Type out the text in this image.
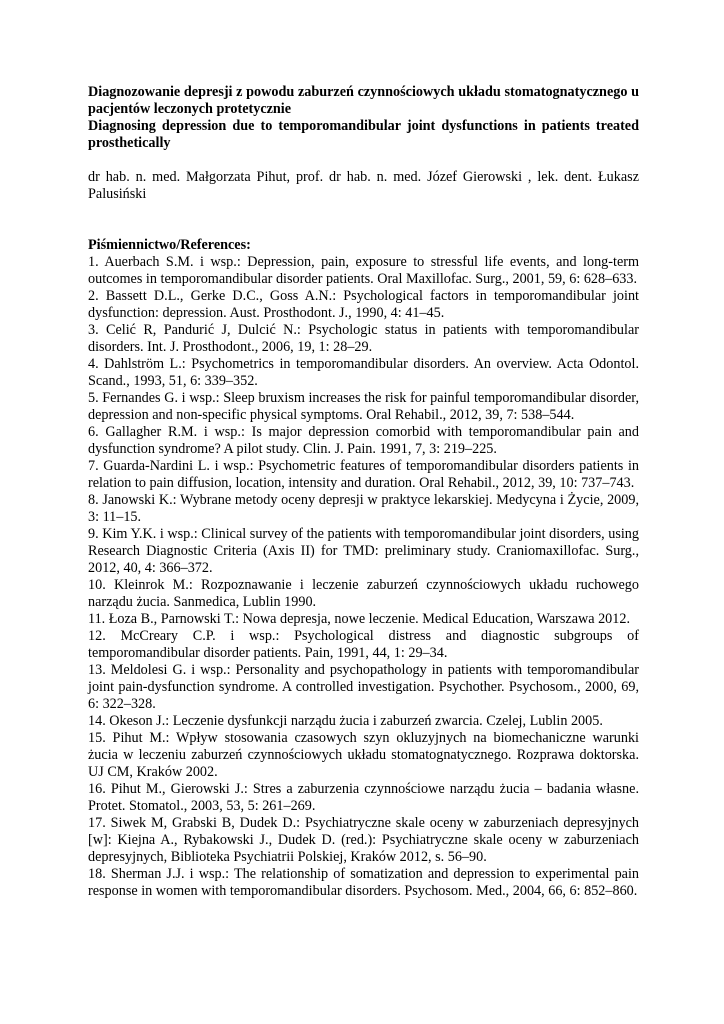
Diagnozowanie depresji z powodu zaburzeń czynnościowych układu stomatognatycznego u pacjentów leczonych protetycznie

Diagnosing depression due to temporomandibular joint dysfunctions in patients treated prosthetically

dr hab. n. med. Małgorzata Pihut, prof. dr hab. n. med. Józef Gierowski , lek. dent. Łukasz Palusiński

Piśmiennictwo/References:

1. Auerbach S.M. i wsp.: Depression, pain, exposure to stressful life events, and long-term outcomes in temporomandibular disorder patients. Oral Maxillofac. Surg., 2001, 59, 6: 628–633.

2. Bassett D.L., Gerke D.C., Goss A.N.: Psychological factors in temporomandibular joint dysfunction: depression. Aust. Prosthodont. J., 1990, 4: 41–45.

3. Celić R, Pandurić J, Dulcić N.: Psychologic status in patients with temporomandibular disorders. Int. J. Prosthodont., 2006, 19, 1: 28–29.

4. Dahlström L.: Psychometrics in temporomandibular disorders. An overview. Acta Odontol. Scand., 1993, 51, 6: 339–352.

5. Fernandes G. i wsp.: Sleep bruxism increases the risk for painful temporomandibular disorder, depression and non-specific physical symptoms. Oral Rehabil., 2012, 39, 7: 538–544.

6. Gallagher R.M. i wsp.: Is major depression comorbid with temporomandibular pain and dysfunction syndrome? A pilot study. Clin. J. Pain. 1991, 7, 3: 219–225.

7. Guarda-Nardini L. i wsp.: Psychometric features of temporomandibular disorders patients in relation to pain diffusion, location, intensity and duration. Oral Rehabil., 2012, 39, 10: 737–743.

8. Janowski K.: Wybrane metody oceny depresji w praktyce lekarskiej. Medycyna i Życie, 2009, 3: 11–15.

9. Kim Y.K. i wsp.: Clinical survey of the patients with temporomandibular joint disorders, using Research Diagnostic Criteria (Axis II) for TMD: preliminary study. Craniomaxillofac. Surg., 2012, 40, 4: 366–372.

10. Kleinrok M.: Rozpoznawanie i leczenie zaburzeń czynnościowych układu ruchowego narządu żucia. Sanmedica, Lublin 1990.

11. Łoza B., Parnowski T.: Nowa depresja, nowe leczenie. Medical Education, Warszawa 2012.

12. McCreary C.P. i wsp.: Psychological distress and diagnostic subgroups of temporomandibular disorder patients. Pain, 1991, 44, 1: 29–34.

13. Meldolesi G. i wsp.: Personality and psychopathology in patients with temporomandibular joint pain-dysfunction syndrome. A controlled investigation. Psychother. Psychosom., 2000, 69, 6: 322–328.

14. Okeson J.: Leczenie dysfunkcji narządu żucia i zaburzeń zwarcia. Czelej, Lublin 2005.

15. Pihut M.: Wpływ stosowania czasowych szyn okluzyjnych na biomechaniczne warunki żucia w leczeniu zaburzeń czynnościowych układu stomatognatycznego. Rozprawa doktorska. UJ CM, Kraków 2002.

16. Pihut M., Gierowski J.: Stres a zaburzenia czynnościowe narządu żucia – badania własne. Protet. Stomatol., 2003, 53, 5: 261–269.

17. Siwek M, Grabski B, Dudek D.: Psychiatryczne skale oceny w zaburzeniach depresyjnych [w]: Kiejna A., Rybakowski J., Dudek D. (red.): Psychiatryczne skale oceny w zaburzeniach depresyjnych, Biblioteka Psychiatrii Polskiej, Kraków 2012, s. 56–90.

18. Sherman J.J. i wsp.: The relationship of somatization and depression to experimental pain response in women with temporomandibular disorders. Psychosom. Med., 2004, 66, 6: 852–860.
